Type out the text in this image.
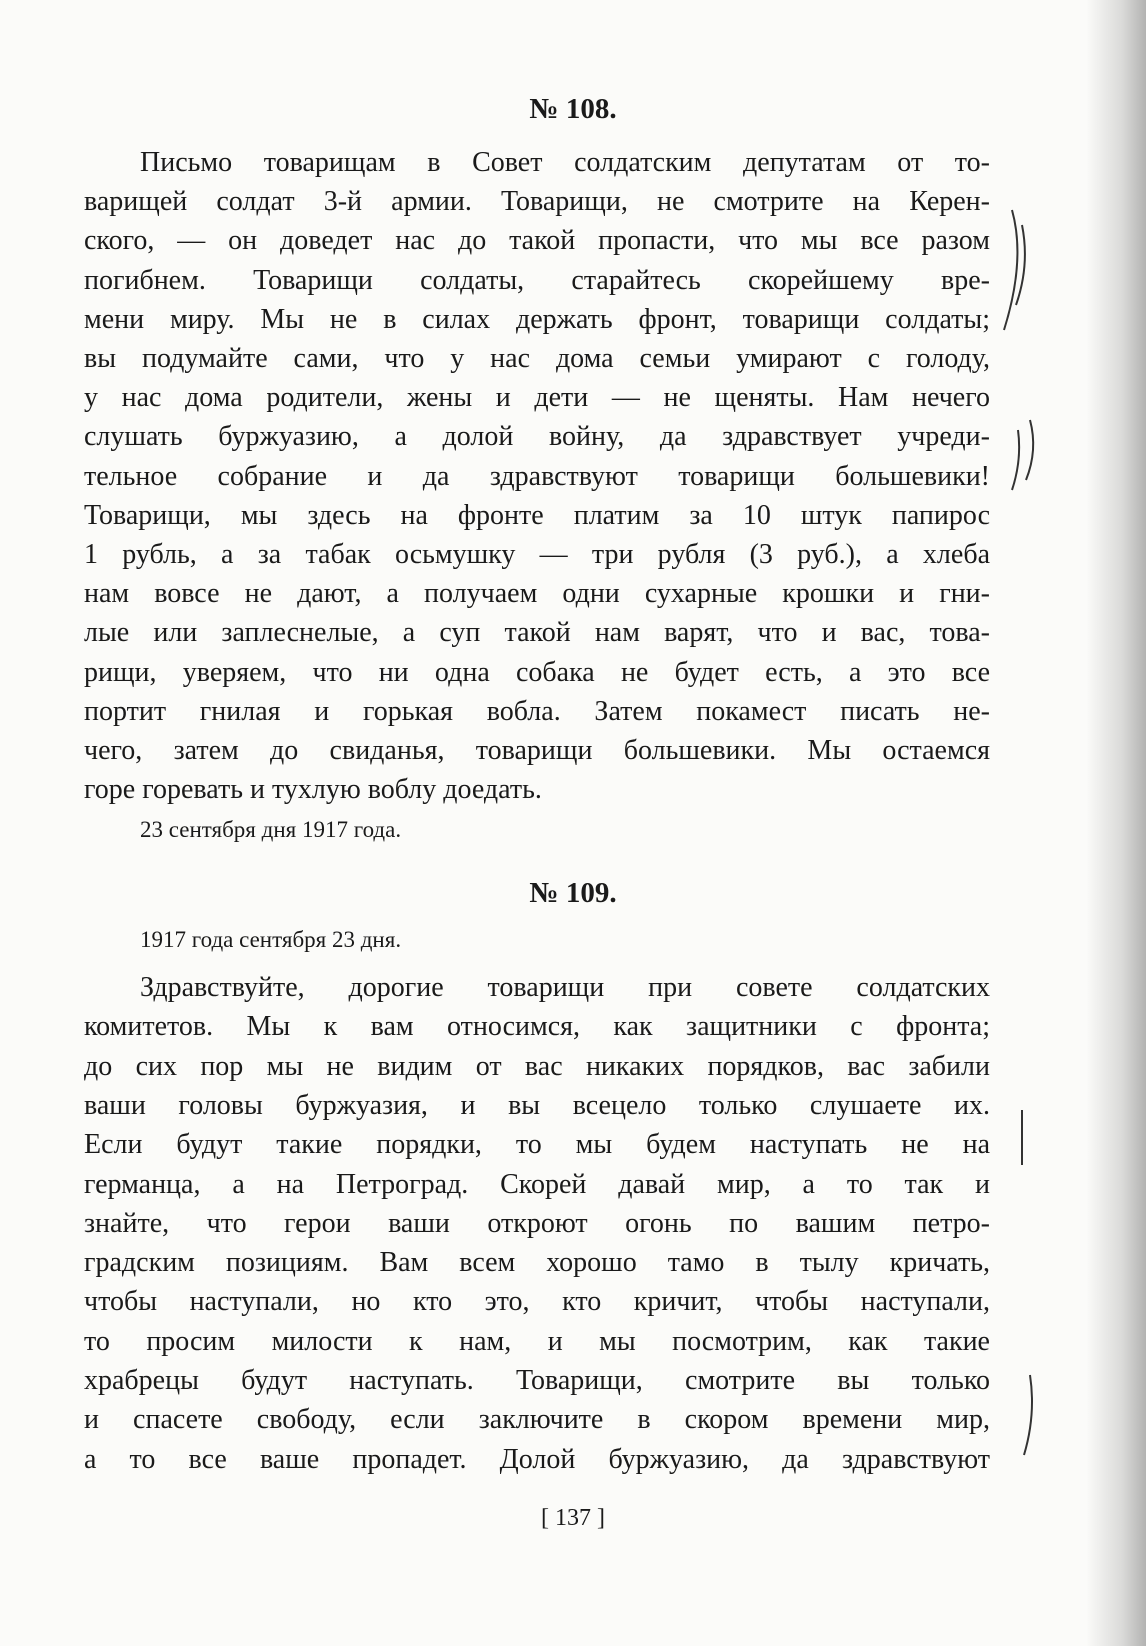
№ 108.
Письмо товарищам в Совет солдатским депутатам от то-
варищей солдат 3-й армии. Товарищи, не смотрите на Керен-
ского, — он доведет нас до такой пропасти, что мы все разом
погибнем. Товарищи солдаты, старайтесь скорейшему вре-
мени миру. Мы не в силах держать фронт, товарищи солдаты;
вы подумайте сами, что у нас дома семьи умирают с голоду,
у нас дома родители, жены и дети — не щеняты. Нам нечего
слушать буржуазию, а долой войну, да здравствует учреди-
тельное собрание и да здравствуют товарищи большевики!
Товарищи, мы здесь на фронте платим за 10 штук папирос
1 рубль, а за табак осьмушку — три рубля (3 руб.), а хлеба
нам вовсе не дают, а получаем одни сухарные крошки и гни-
лые или заплеснелые, а суп такой нам варят, что и вас, това-
рищи, уверяем, что ни одна собака не будет есть, а это все
портит гнилая и горькая вобла. Затем покамест писать не-
чего, затем до свиданья, товарищи большевики. Мы остаемся
горе горевать и тухлую воблу доедать.
23 сентября дня 1917 года.
№ 109.
1917 года сентября 23 дня.
Здравствуйте, дорогие товарищи при совете солдатских
комитетов. Мы к вам относимся, как защитники с фронта;
до сих пор мы не видим от вас никаких порядков, вас забили
ваши головы буржуазия, и вы всецело только слушаете их.
Если будут такие порядки, то мы будем наступать не на
германца, а на Петроград. Скорей давай мир, а то так и
знайте, что герои ваши откроют огонь по вашим петро-
градским позициям. Вам всем хорошо тамо в тылу кричать,
чтобы наступали, но кто это, кто кричит, чтобы наступали,
то просим милости к нам, и мы посмотрим, как такие
храбрецы будут наступать. Товарищи, смотрите вы только
и спасете свободу, если заключите в скором времени мир,
а то все ваше пропадет. Долой буржуазию, да здравствуют
[ 137 ]
